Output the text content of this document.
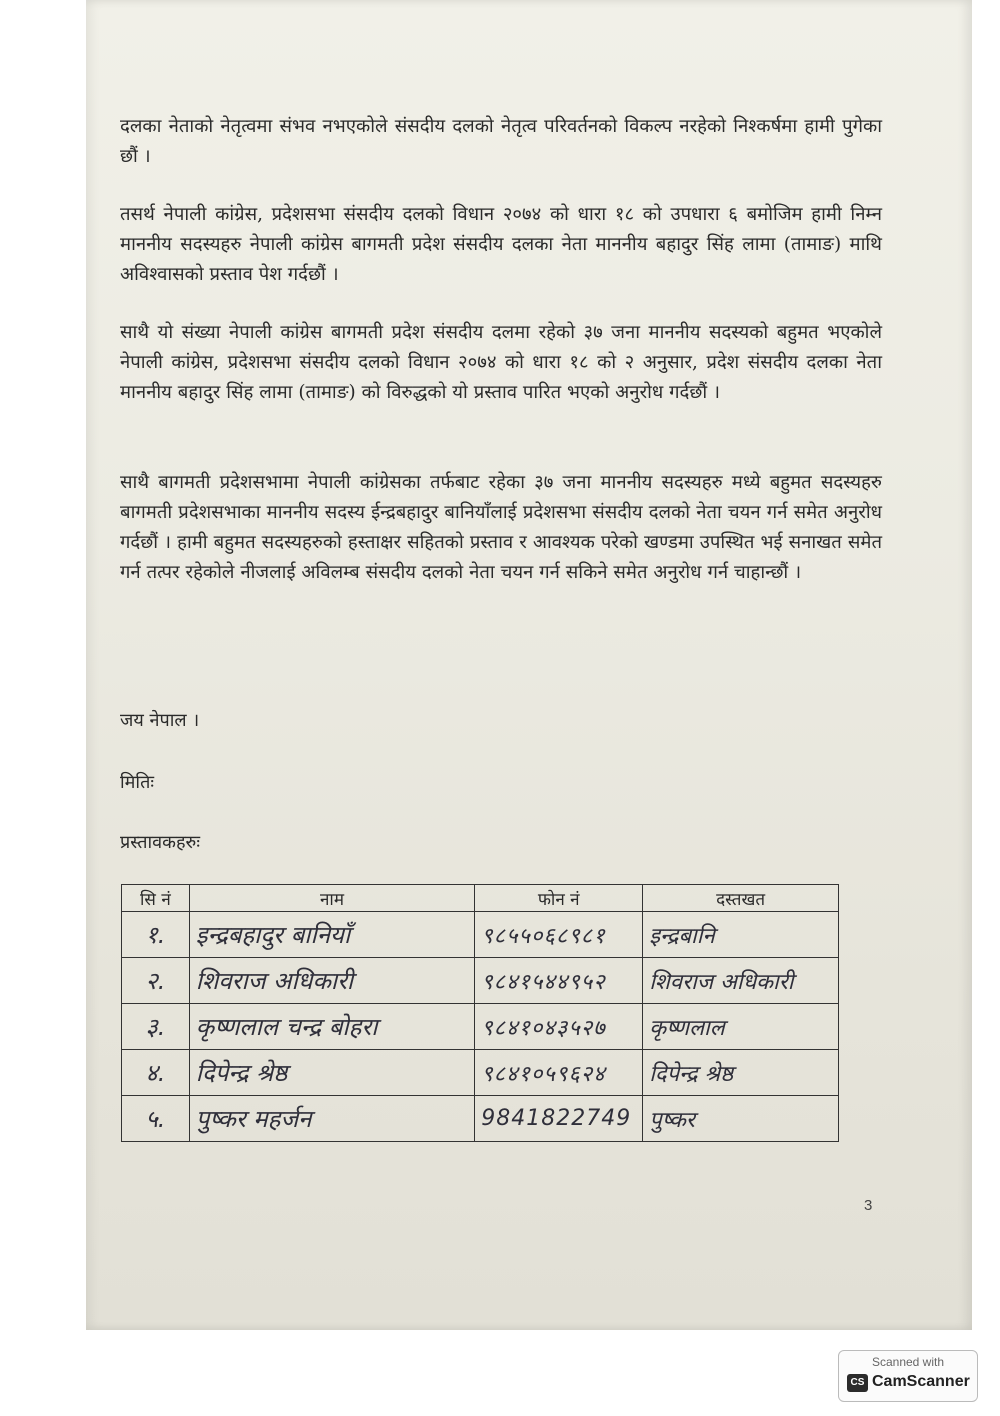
दलका नेताको नेतृत्वमा संभव नभएकोले संसदीय दलको नेतृत्व परिवर्तनको विकल्प नरहेको निश्कर्षमा हामी पुगेका छौं ।

तसर्थ नेपाली कांग्रेस, प्रदेशसभा संसदीय दलको विधान २०७४ को धारा १८ को उपधारा ६ बमोजिम हामी निम्न माननीय सदस्यहरु नेपाली कांग्रेस बागमती प्रदेश संसदीय दलका नेता माननीय बहादुर सिंह लामा (तामाङ) माथि अविश्वासको प्रस्ताव पेश गर्दछौं ।

साथै यो संख्या नेपाली कांग्रेस बागमती प्रदेश संसदीय दलमा रहेको ३७ जना माननीय सदस्यको बहुमत भएकोले नेपाली कांग्रेस, प्रदेशसभा संसदीय दलको विधान २०७४ को धारा १८ को २ अनुसार, प्रदेश संसदीय दलका नेता माननीय बहादुर सिंह लामा (तामाङ) को विरुद्धको यो प्रस्ताव पारित भएको अनुरोध गर्दछौं ।

साथै बागमती प्रदेशसभामा नेपाली कांग्रेसका तर्फबाट रहेका ३७ जना माननीय सदस्यहरु मध्ये बहुमत सदस्यहरु बागमती प्रदेशसभाका माननीय सदस्य ईन्द्रबहादुर बानियाँलाई प्रदेशसभा संसदीय दलको नेता चयन गर्न समेत अनुरोध गर्दछौं । हामी बहुमत सदस्यहरुको हस्ताक्षर सहितको प्रस्ताव र आवश्यक परेको खण्डमा उपस्थित भई सनाखत समेत गर्न तत्पर रहेकोले नीजलाई अविलम्ब संसदीय दलको नेता चयन गर्न सकिने समेत अनुरोध गर्न चाहान्छौं ।

जय नेपाल ।
मितिः
प्रस्तावकहरुः
सि नं	नाम	फोन नं	दस्तखत
१.	इन्द्रबहादुर बानियाँ	९८५५०६८९८१	इन्द्रबानि
२.	शिवराज अधिकारी	९८४१५४४९५२	शिवराज अधिकारी
३.	कृष्णलाल चन्द्र बोहरा	९८४१०४३५२७	कृष्णलाल
४.	दिपेन्द्र श्रेष्ठ	९८४१०५९६२४	दिपेन्द्र श्रेष्ठ
५.	पुष्कर महर्जन	9841822749	पुष्कर
3
Scanned with
CS CamScanner
